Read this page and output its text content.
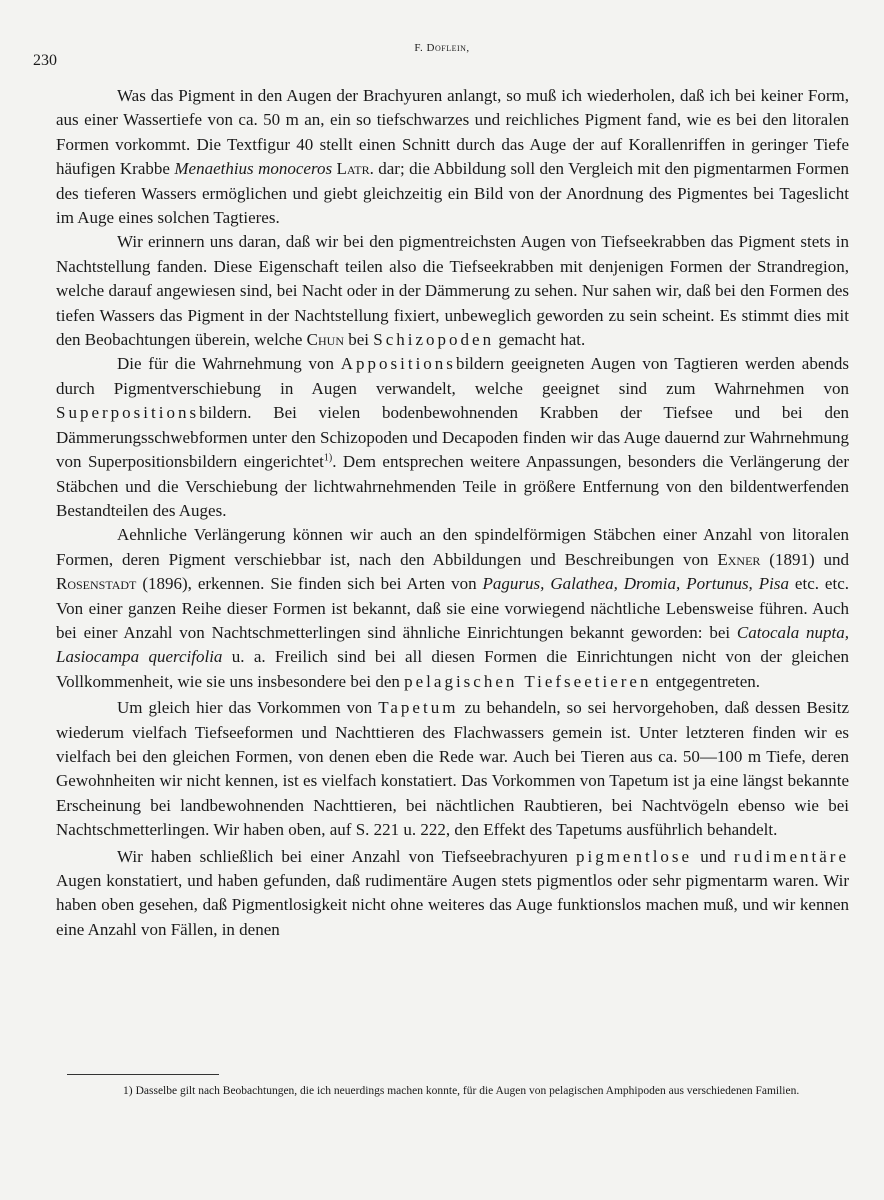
230
F. Doflein,

Was das Pigment in den Augen der Brachyuren anlangt, so muß ich wiederholen, daß ich bei keiner Form, aus einer Wassertiefe von ca. 50 m an, ein so tiefschwarzes und reichliches Pigment fand, wie es bei den litoralen Formen vorkommt. Die Textfigur 40 stellt einen Schnitt durch das Auge der auf Korallenriffen in geringer Tiefe häufigen Krabbe Menaethius monoceros Latr. dar; die Abbildung soll den Vergleich mit den pigmentarmen Formen des tieferen Wassers ermöglichen und giebt gleichzeitig ein Bild von der Anordnung des Pigmentes bei Tageslicht im Auge eines solchen Tagtieres.

Wir erinnern uns daran, daß wir bei den pigmentreichsten Augen von Tiefseekrabben das Pigment stets in Nachtstellung fanden. Diese Eigenschaft teilen also die Tiefseekrabben mit denjenigen Formen der Strandregion, welche darauf angewiesen sind, bei Nacht oder in der Dämmerung zu sehen. Nur sahen wir, daß bei den Formen des tiefen Wassers das Pigment in der Nachtstellung fixiert, unbeweglich geworden zu sein scheint. Es stimmt dies mit den Beobachtungen überein, welche Chun bei Schizopoden gemacht hat.

Die für die Wahrnehmung von Appositionsbildern geeigneten Augen von Tagtieren werden abends durch Pigmentverschiebung in Augen verwandelt, welche geeignet sind zum Wahrnehmen von Superpositionsbildern. Bei vielen bodenbewohnenden Krabben der Tiefsee und bei den Dämmerungsschwebformen unter den Schizopoden und Decapoden finden wir das Auge dauernd zur Wahrnehmung von Superpositionsbildern eingerichtet$^{1)}$. Dem entsprechen weitere Anpassungen, besonders die Verlängerung der Stäbchen und die Verschiebung der lichtwahrnehmenden Teile in größere Entfernung von den bildentwerfenden Bestandteilen des Auges.

Aehnliche Verlängerung können wir auch an den spindelförmigen Stäbchen einer Anzahl von litoralen Formen, deren Pigment verschiebbar ist, nach den Abbildungen und Beschreibungen von Exner (1891) und Rosenstadt (1896), erkennen. Sie finden sich bei Arten von Pagurus, Galathea, Dromia, Portunus, Pisa etc. etc. Von einer ganzen Reihe dieser Formen ist bekannt, daß sie eine vorwiegend nächtliche Lebensweise führen. Auch bei einer Anzahl von Nachtschmetterlingen sind ähnliche Einrichtungen bekannt geworden: bei Catocala nupta, Lasiocampa quercifolia u. a. Freilich sind bei all diesen Formen die Einrichtungen nicht von der gleichen Vollkommenheit, wie sie uns insbesondere bei den pelagischen Tiefseetieren entgegentreten.

Um gleich hier das Vorkommen von Tapetum zu behandeln, so sei hervorgehoben, daß dessen Besitz wiederum vielfach Tiefseeformen und Nachttieren des Flachwassers gemein ist. Unter letzteren finden wir es vielfach bei den gleichen Formen, von denen eben die Rede war. Auch bei Tieren aus ca. 50—100 m Tiefe, deren Gewohnheiten wir nicht kennen, ist es vielfach konstatiert. Das Vorkommen von Tapetum ist ja eine längst bekannte Erscheinung bei landbewohnenden Nachttieren, bei nächtlichen Raubtieren, bei Nachtvögeln ebenso wie bei Nachtschmetterlingen. Wir haben oben, auf S. 221 u. 222, den Effekt des Tapetums ausführlich behandelt.

Wir haben schließlich bei einer Anzahl von Tiefseebrachyuren pigmentlose und rudimentäre Augen konstatiert, und haben gefunden, daß rudimentäre Augen stets pigmentlos oder sehr pigmentarm waren. Wir haben oben gesehen, daß Pigmentlosigkeit nicht ohne weiteres das Auge funktionslos machen muß, und wir kennen eine Anzahl von Fällen, in denen

1) Dasselbe gilt nach Beobachtungen, die ich neuerdings machen konnte, für die Augen von pelagischen Amphipoden aus verschiedenen Familien.
